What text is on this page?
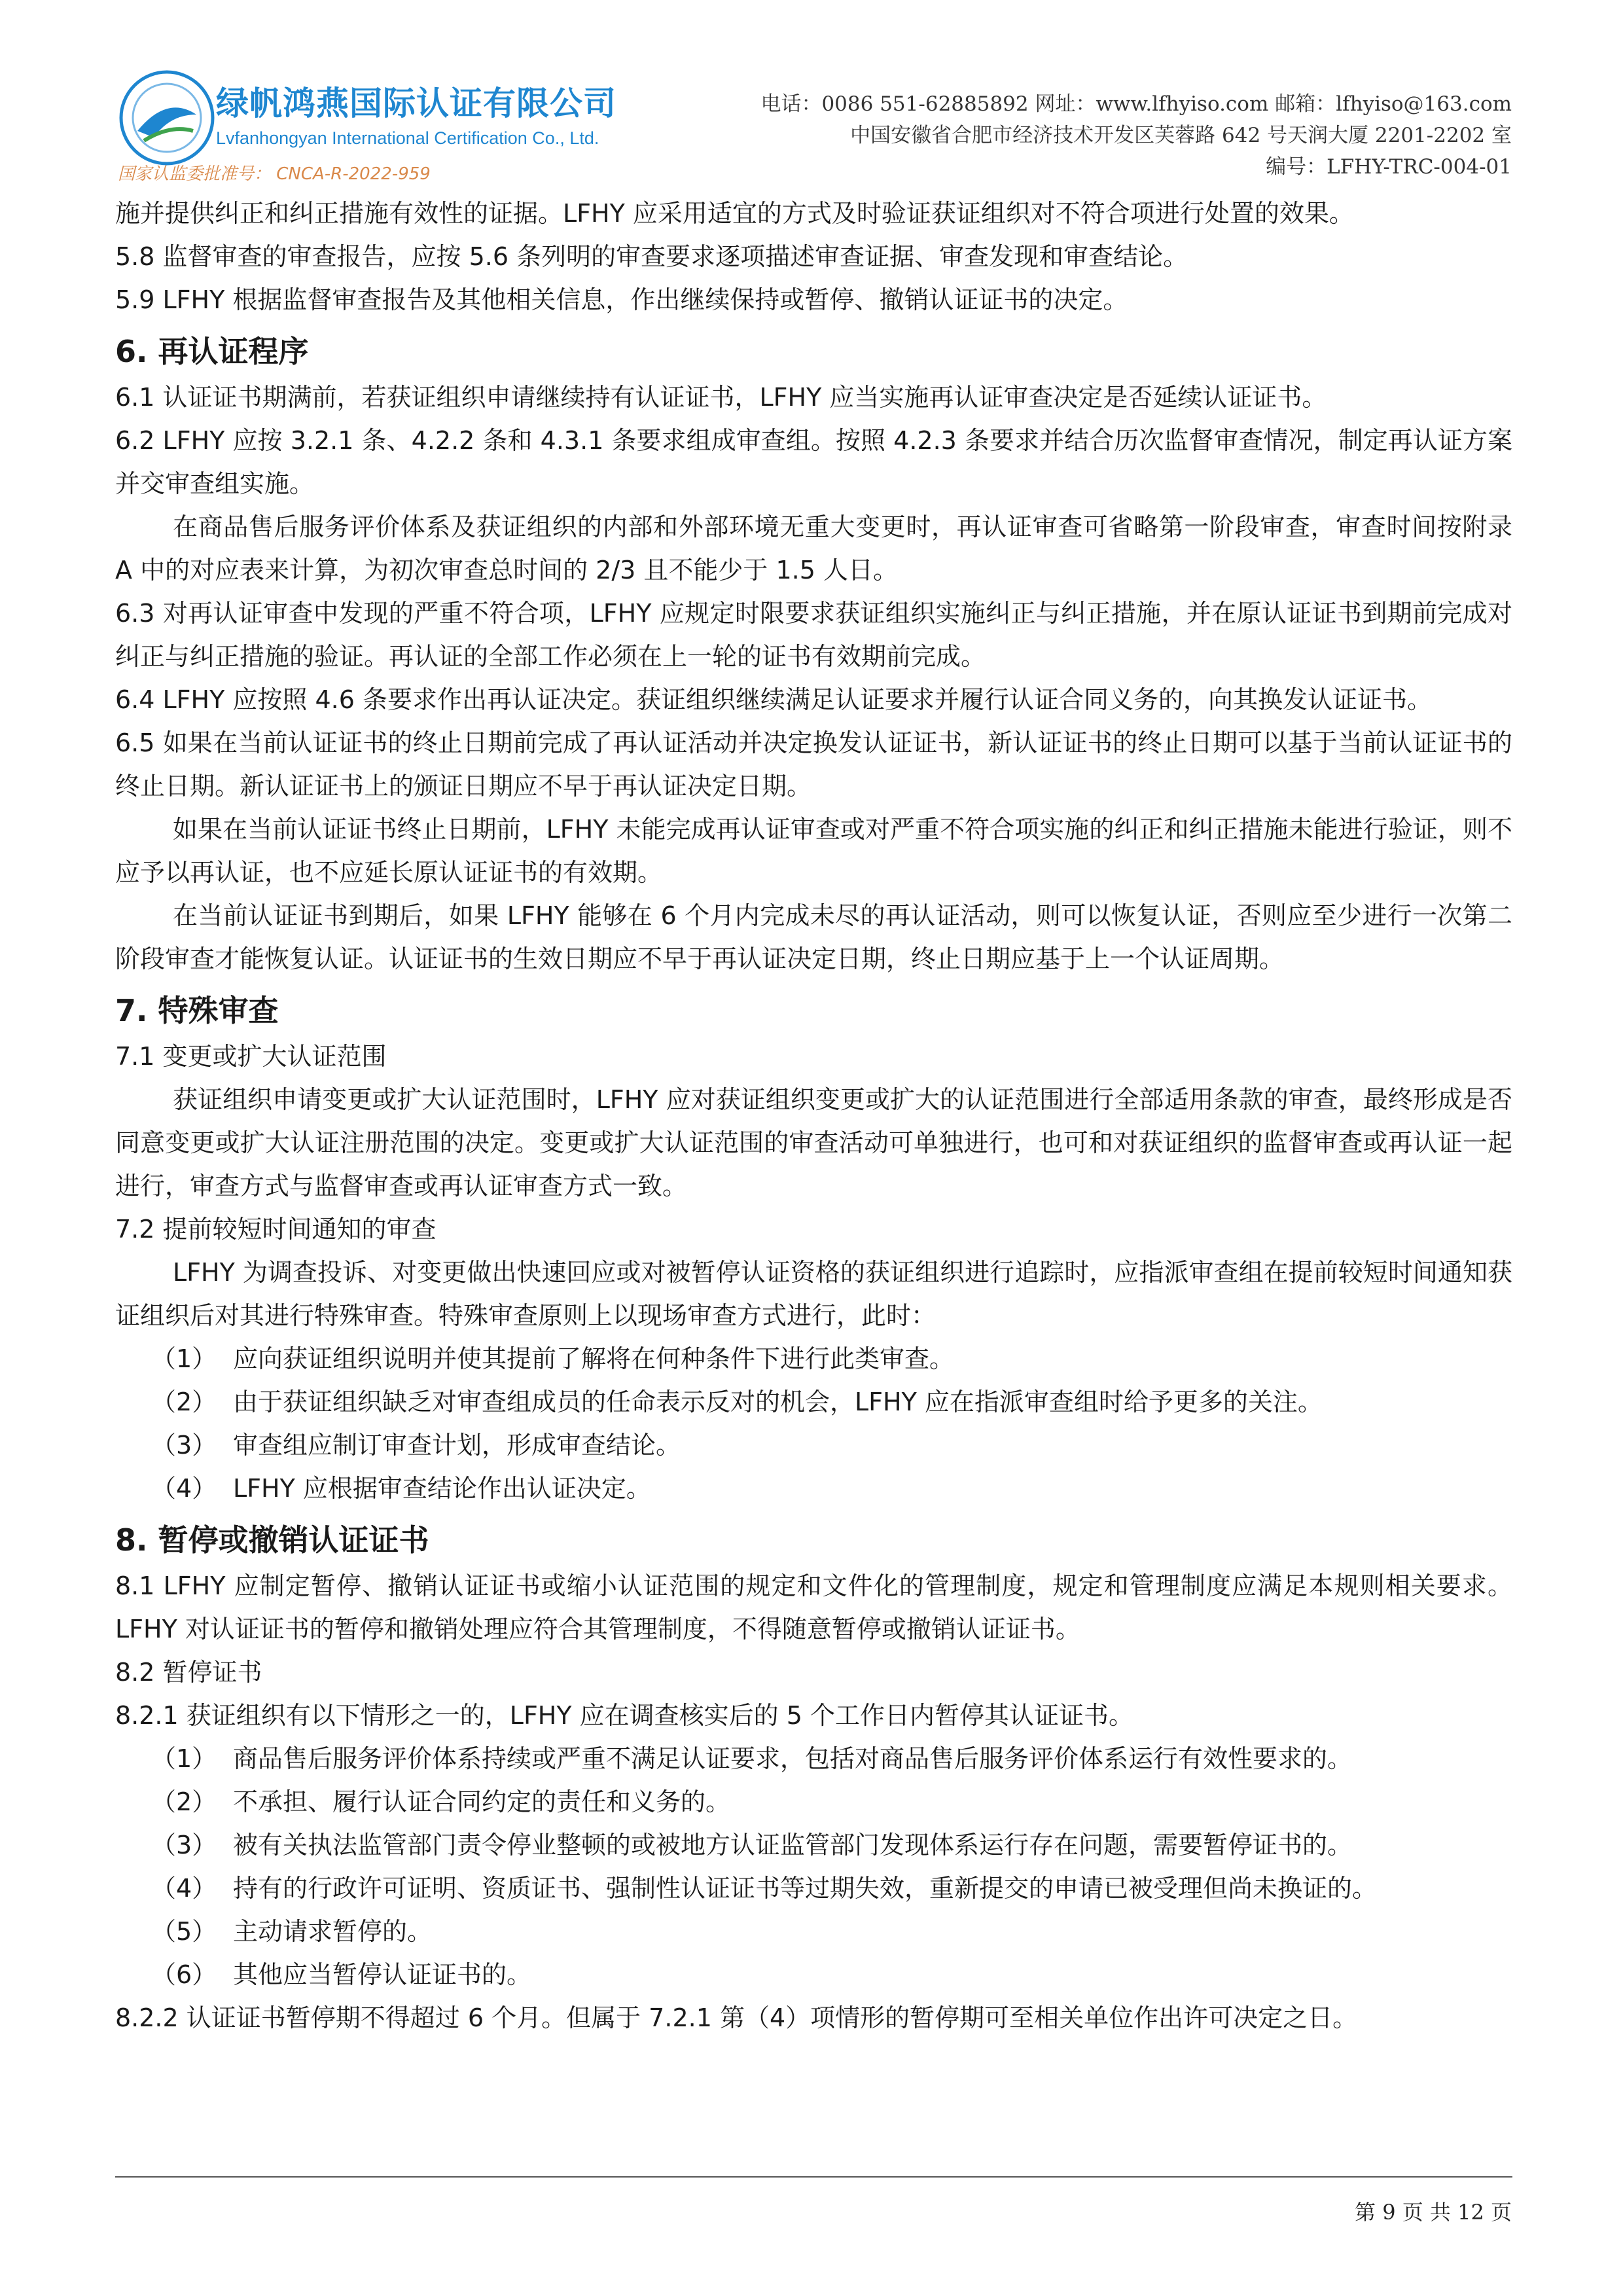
绿帆鸿燕国际认证有限公司
Lvfanhongyan International Certification Co., Ltd.
国家认监委批准号： CNCA-R-2022-959
电话：0086 551-62885892 网址：www.lfhyiso.com 邮箱：lfhyiso@163.com
中国安徽省合肥市经济技术开发区芙蓉路 642 号天润大厦 2201-2202 室
编号：LFHY-TRC-004-01

施并提供纠正和纠正措施有效性的证据。LFHY 应采用适宜的方式及时验证获证组织对不符合项进行处置的效果。

5.8 监督审查的审查报告，应按 5.6 条列明的审查要求逐项描述审查证据、审查发现和审查结论。

5.9 LFHY 根据监督审查报告及其他相关信息，作出继续保持或暂停、撤销认证证书的决定。

6. 再认证程序

6.1 认证证书期满前，若获证组织申请继续持有认证证书，LFHY 应当实施再认证审查决定是否延续认证证书。

6.2 LFHY 应按 3.2.1 条、4.2.2 条和 4.3.1 条要求组成审查组。按照 4.2.3 条要求并结合历次监督审查情况，制定再认证方案并交审查组实施。

在商品售后服务评价体系及获证组织的内部和外部环境无重大变更时，再认证审查可省略第一阶段审查，审查时间按附录 A 中的对应表来计算，为初次审查总时间的 2/3 且不能少于 1.5 人日。

6.3 对再认证审查中发现的严重不符合项，LFHY 应规定时限要求获证组织实施纠正与纠正措施，并在原认证证书到期前完成对纠正与纠正措施的验证。再认证的全部工作必须在上一轮的证书有效期前完成。

6.4 LFHY 应按照 4.6 条要求作出再认证决定。获证组织继续满足认证要求并履行认证合同义务的，向其换发认证证书。

6.5 如果在当前认证证书的终止日期前完成了再认证活动并决定换发认证证书，新认证证书的终止日期可以基于当前认证证书的终止日期。新认证证书上的颁证日期应不早于再认证决定日期。

如果在当前认证证书终止日期前，LFHY 未能完成再认证审查或对严重不符合项实施的纠正和纠正措施未能进行验证，则不应予以再认证，也不应延长原认证证书的有效期。

在当前认证证书到期后，如果 LFHY 能够在 6 个月内完成未尽的再认证活动，则可以恢复认证，否则应至少进行一次第二阶段审查才能恢复认证。认证证书的生效日期应不早于再认证决定日期，终止日期应基于上一个认证周期。

7. 特殊审查

7.1 变更或扩大认证范围

获证组织申请变更或扩大认证范围时，LFHY 应对获证组织变更或扩大的认证范围进行全部适用条款的审查，最终形成是否同意变更或扩大认证注册范围的决定。变更或扩大认证范围的审查活动可单独进行，也可和对获证组织的监督审查或再认证一起进行，审查方式与监督审查或再认证审查方式一致。

7.2 提前较短时间通知的审查

LFHY 为调查投诉、对变更做出快速回应或对被暂停认证资格的获证组织进行追踪时，应指派审查组在提前较短时间通知获证组织后对其进行特殊审查。特殊审查原则上以现场审查方式进行，此时：

（1） 应向获证组织说明并使其提前了解将在何种条件下进行此类审查。

（2） 由于获证组织缺乏对审查组成员的任命表示反对的机会，LFHY 应在指派审查组时给予更多的关注。

（3） 审查组应制订审查计划，形成审查结论。

（4） LFHY 应根据审查结论作出认证决定。

8. 暂停或撤销认证证书

8.1 LFHY 应制定暂停、撤销认证证书或缩小认证范围的规定和文件化的管理制度，规定和管理制度应满足本规则相关要求。LFHY 对认证证书的暂停和撤销处理应符合其管理制度，不得随意暂停或撤销认证证书。

8.2 暂停证书

8.2.1 获证组织有以下情形之一的，LFHY 应在调查核实后的 5 个工作日内暂停其认证证书。

（1） 商品售后服务评价体系持续或严重不满足认证要求，包括对商品售后服务评价体系运行有效性要求的。

（2） 不承担、履行认证合同约定的责任和义务的。

（3） 被有关执法监管部门责令停业整顿的或被地方认证监管部门发现体系运行存在问题，需要暂停证书的。

（4） 持有的行政许可证明、资质证书、强制性认证证书等过期失效，重新提交的申请已被受理但尚未换证的。

（5） 主动请求暂停的。

（6） 其他应当暂停认证证书的。

8.2.2 认证证书暂停期不得超过 6 个月。但属于 7.2.1 第（4）项情形的暂停期可至相关单位作出许可决定之日。

第 9 页 共 12 页
